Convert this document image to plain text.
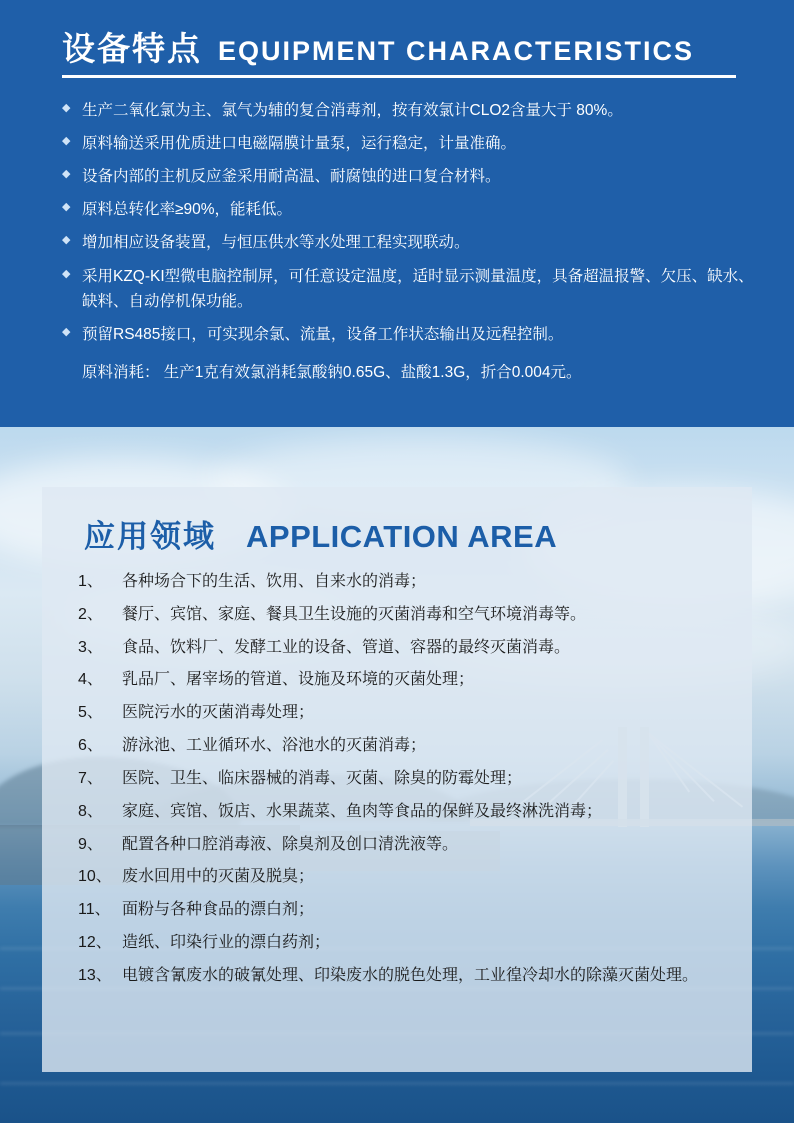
设备特点 EQUIPMENT CHARACTERISTICS
◆ 生产二氧化氯为主、氯气为辅的复合消毒剂，按有效氯计CLO2含量大于 80%。
◆ 原料输送采用优质进口电磁隔膜计量泵，运行稳定，计量准确。
◆ 设备内部的主机反应釜采用耐高温、耐腐蚀的进口复合材料。
◆ 原料总转化率≥90%，能耗低。
◆ 增加相应设备装置，与恒压供水等水处理工程实现联动。
◆ 采用KZQ-KI型微电脑控制屏，可任意设定温度，适时显示测量温度，具备超温报警、欠压、缺水、缺料、自动停机保功能。
◆ 预留RS485接口，可实现余氯、流量，设备工作状态输出及远程控制。
原料消耗： 生产1克有效氯消耗氯酸钠0.65G、盐酸1.3G，折合0.004元。
应用领域 APPLICATION AREA
1、	各种场合下的生活、饮用、自来水的消毒；
2、	餐厅、宾馆、家庭、餐具卫生设施的灭菌消毒和空气环境消毒等。
3、	食品、饮料厂、发酵工业的设备、管道、容器的最终灭菌消毒。
4、	乳品厂、屠宰场的管道、设施及环境的灭菌处理；
5、	医院污水的灭菌消毒处理；
6、	游泳池、工业循环水、浴池水的灭菌消毒；
7、	医院、卫生、临床器械的消毒、灭菌、除臭的防霉处理；
8、	家庭、宾馆、饭店、水果蔬菜、鱼肉等食品的保鲜及最终淋洗消毒；
9、	配置各种口腔消毒液、除臭剂及创口清洗液等。
10、 废水回用中的灭菌及脱臭；
11、 面粉与各种食品的漂白剂；
12、 造纸、印染行业的漂白药剂；
13、 电镀含氰废水的破氰处理、印染废水的脱色处理，工业徨冷却水的除藻灭菌处理。
